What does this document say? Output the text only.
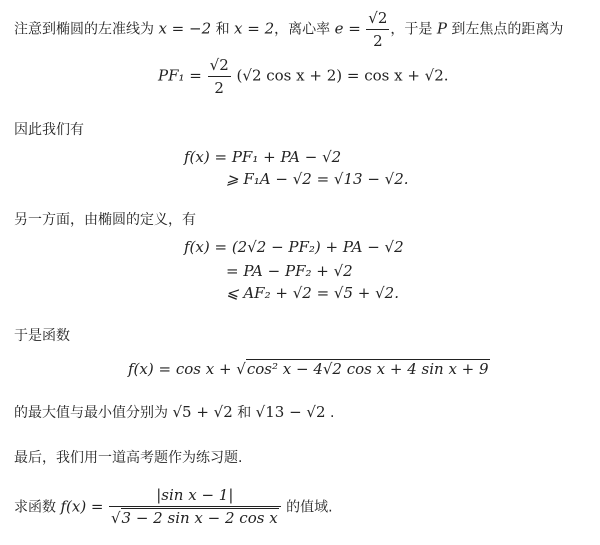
注意到椭圆的左准线为 x = −2 和 x = 2，离心率 $e = \frac{√2}{2}$ ，于是 P 到左焦点的距离为
$PF_1 = \frac{√2}{2} (√2$ cos x + 2) = cos x + √2.
因此我们有
f(x) = PF₁ + PA − √2
⩾ F₁A − √2 = √13 − √2.
另一方面，由椭圆的定义，有
f(x) = (2√2 − PF₂) + PA − √2
= PA − PF₂ + √2
⩽ AF₂ + √2 = √5 + √2.
于是函数
f(x) = cos x + √cos² x − 4√2 cos x + 4 sin x + 9
的最大值与最小值分别为 √5 + √2 和 √13 − √2 .
最后，我们用一道高考题作为练习题.
求函数 $f(x) = \frac{\text{|sin x − 1|}}{\text{√3 − 2 sin x − 2 cos x}}$ 的值域.
